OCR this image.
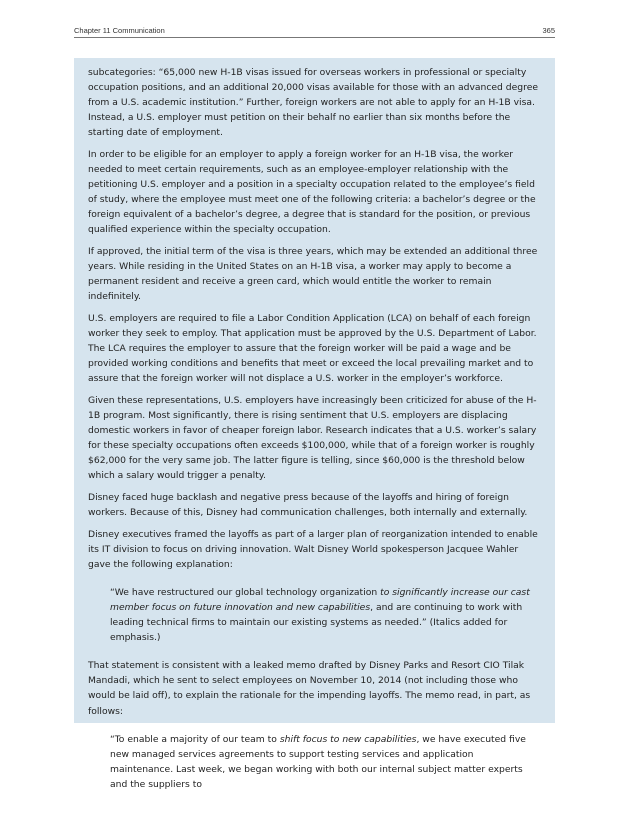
Chapter 11 Communication	365

subcategories: “65,000 new H-1B visas issued for overseas workers in professional or specialty occupation positions, and an additional 20,000 visas available for those with an advanced degree from a U.S. academic institution.” Further, foreign workers are not able to apply for an H-1B visa. Instead, a U.S. employer must petition on their behalf no earlier than six months before the starting date of employment.

In order to be eligible for an employer to apply a foreign worker for an H-1B visa, the worker needed to meet certain requirements, such as an employee-employer relationship with the petitioning U.S. employer and a position in a specialty occupation related to the employee’s field of study, where the employee must meet one of the following criteria: a bachelor’s degree or the foreign equivalent of a bachelor’s degree, a degree that is standard for the position, or previous qualified experience within the specialty occupation.

If approved, the initial term of the visa is three years, which may be extended an additional three years. While residing in the United States on an H-1B visa, a worker may apply to become a permanent resident and receive a green card, which would entitle the worker to remain indefinitely.

U.S. employers are required to file a Labor Condition Application (LCA) on behalf of each foreign worker they seek to employ. That application must be approved by the U.S. Department of Labor. The LCA requires the employer to assure that the foreign worker will be paid a wage and be provided working conditions and benefits that meet or exceed the local prevailing market and to assure that the foreign worker will not displace a U.S. worker in the employer’s workforce.

Given these representations, U.S. employers have increasingly been criticized for abuse of the H-1B program. Most significantly, there is rising sentiment that U.S. employers are displacing domestic workers in favor of cheaper foreign labor. Research indicates that a U.S. worker’s salary for these specialty occupations often exceeds $100,000, while that of a foreign worker is roughly $62,000 for the very same job. The latter figure is telling, since $60,000 is the threshold below which a salary would trigger a penalty.

Disney faced huge backlash and negative press because of the layoffs and hiring of foreign workers. Because of this, Disney had communication challenges, both internally and externally.

Disney executives framed the layoffs as part of a larger plan of reorganization intended to enable its IT division to focus on driving innovation. Walt Disney World spokesperson Jacquee Wahler gave the following explanation:

“We have restructured our global technology organization to significantly increase our cast member focus on future innovation and new capabilities, and are continuing to work with leading technical firms to maintain our existing systems as needed.” (Italics added for emphasis.)

That statement is consistent with a leaked memo drafted by Disney Parks and Resort CIO Tilak Mandadi, which he sent to select employees on November 10, 2014 (not including those who would be laid off), to explain the rationale for the impending layoffs. The memo read, in part, as follows:

“To enable a majority of our team to shift focus to new capabilities, we have executed five new managed services agreements to support testing services and application maintenance. Last week, we began working with both our internal subject matter experts and the suppliers to
